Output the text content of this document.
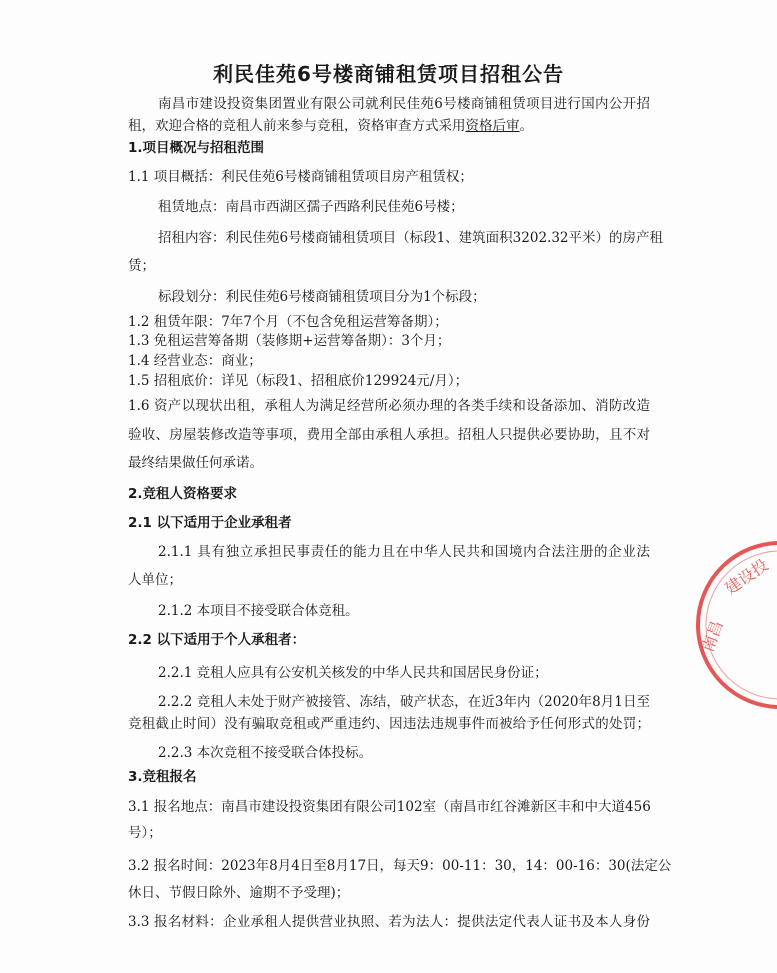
利民佳苑6号楼商铺租赁项目招租公告
南昌市建设投资集团置业有限公司就利民佳苑6号楼商铺租赁项目进行国内公开招
租，欢迎合格的竞租人前来参与竞租，资格审查方式采用资格后审。
1.项目概况与招租范围
1.1 项目概括：利民佳苑6号楼商铺租赁项目房产租赁权；
租赁地点：南昌市西湖区孺子西路利民佳苑6号楼；
招租内容：利民佳苑6号楼商铺租赁项目（标段1、建筑面积3202.32平米）的房产租
赁；
标段划分：利民佳苑6号楼商铺租赁项目分为1个标段；
1.2 租赁年限：7年7个月（不包含免租运营筹备期）；
1.3 免租运营筹备期（装修期+运营筹备期）：3个月；
1.4 经营业态：商业；
1.5 招租底价：详见（标段1、招租底价129924元/月）；
1.6 资产以现状出租，承租人为满足经营所必须办理的各类手续和设备添加、消防改造
验收、房屋装修改造等事项，费用全部由承租人承担。招租人只提供必要协助，且不对
最终结果做任何承诺。
2.竞租人资格要求
2.1 以下适用于企业承租者
2.1.1 具有独立承担民事责任的能力且在中华人民共和国境内合法注册的企业法
人单位；
2.1.2 本项目不接受联合体竞租。
2.2 以下适用于个人承租者：
2.2.1 竞租人应具有公安机关核发的中华人民共和国居民身份证；
2.2.2 竞租人未处于财产被接管、冻结，破产状态，在近3年内（2020年8月1日至
竞租截止时间）没有骗取竞租或严重违约、因违法违规事件而被给予任何形式的处罚；
2.2.3 本次竞租不接受联合体投标。
3.竞租报名
3.1 报名地点：南昌市建设投资集团有限公司102室（南昌市红谷滩新区丰和中大道456
号）；
3.2 报名时间：2023年8月4日至8月17日，每天9：00-11：30，14：00-16：30(法定公
休日、节假日除外、逾期不予受理)；
3.3 报名材料：企业承租人提供营业执照、若为法人：提供法定代表人证书及本人身份
南昌
建设投
